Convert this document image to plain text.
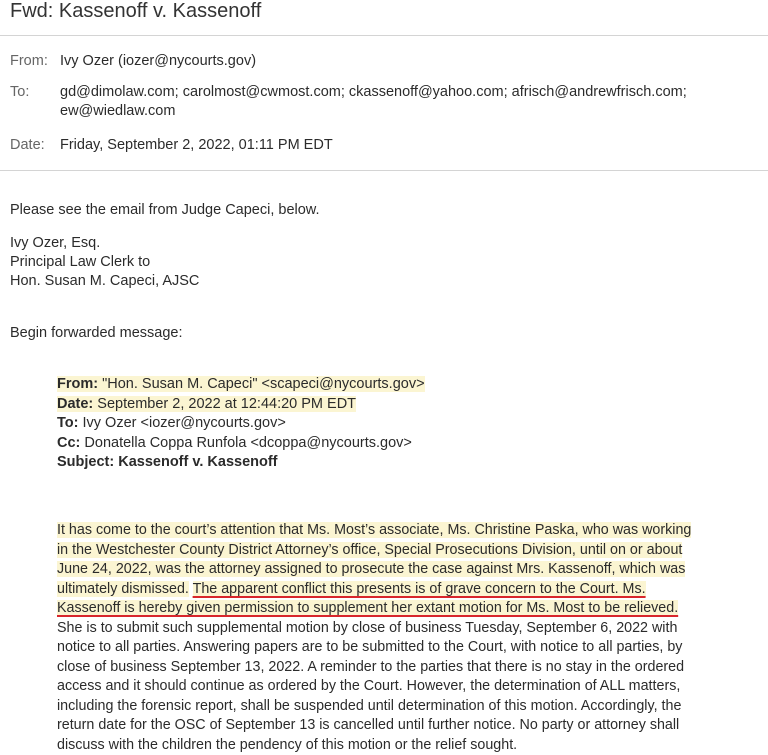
Fwd: Kassenoff v. Kassenoff
From: Ivy Ozer (iozer@nycourts.gov)
To:	gd@dimolaw.com; carolmost@cwmost.com; ckassenoff@yahoo.com; afrisch@andrewfrisch.com;
ew@wiedlaw.com
Date:	Friday, September 2, 2022, 01:11 PM EDT
Please see the email from Judge Capeci, below.
Ivy Ozer, Esq.
Principal Law Clerk to
Hon. Susan M. Capeci, AJSC
Begin forwarded message:
From: "Hon. Susan M. Capeci" <scapeci@nycourts.gov>
Date: September 2, 2022 at 12:44:20 PM EDT
To: Ivy Ozer <iozer@nycourts.gov>
Cc: Donatella Coppa Runfola <dcoppa@nycourts.gov>
Subject: Kassenoff v. Kassenoff
It has come to the court’s attention that Ms. Most’s associate, Ms. Christine Paska, who was working
in the Westchester County District Attorney’s office, Special Prosecutions Division, until on or about
June 24, 2022, was the attorney assigned to prosecute the case against Mrs. Kassenoff, which was
ultimately dismissed. The apparent conflict this presents is of grave concern to the Court. Ms.
Kassenoff is hereby given permission to supplement her extant motion for Ms. Most to be relieved.
She is to submit such supplemental motion by close of business Tuesday, September 6, 2022 with
notice to all parties. Answering papers are to be submitted to the Court, with notice to all parties, by
close of business September 13, 2022. A reminder to the parties that there is no stay in the ordered
access and it should continue as ordered by the Court. However, the determination of ALL matters,
including the forensic report, shall be suspended until determination of this motion. Accordingly, the
return date for the OSC of September 13 is cancelled until further notice. No party or attorney shall
discuss with the children the pendency of this motion or the relief sought.
